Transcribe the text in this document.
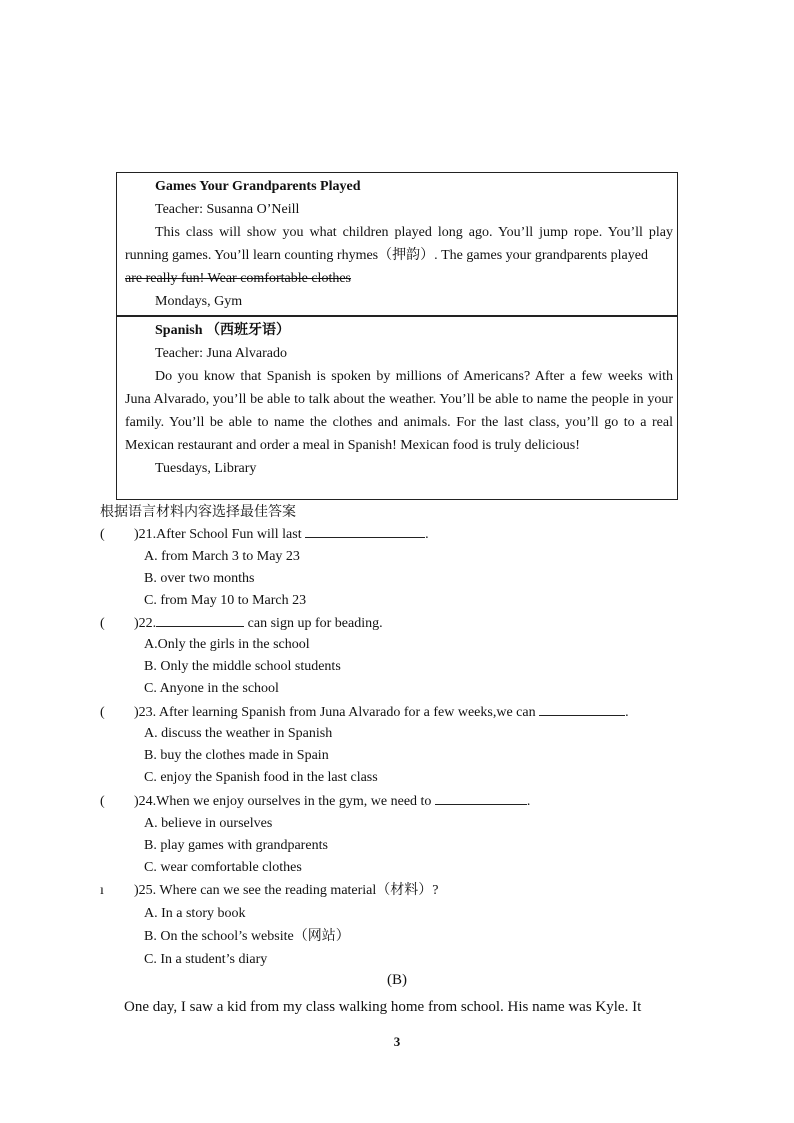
Games Your Grandparents Played
Teacher: Susanna O’Neill
This class will show you what children played long ago. You’ll jump rope. You’ll play running games. You’ll learn counting rhymes（押韵）. The games your grandparents played
are really fun! Wear comfortable clothes
Mondays, Gym
Spanish （西班牙语）
Teacher: Juna Alvarado
Do you know that Spanish is spoken by millions of Americans? After a few weeks with Juna Alvarado, you’ll be able to talk about the weather. You’ll be able to name the people in your family. You’ll be able to name the clothes and animals. For the last class, you’ll go to a real Mexican restaurant and order a meal in Spanish! Mexican food is truly delicious!
Tuesdays, Library
根据语言材料内容选择最佳答案
( )21.After School Fun will last	.
A. from March 3 to May 23
B. over two months
C. from May 10 to March 23
( )22.	can sign up for beading.
A.Only the girls in the school
B. Only the middle school students
C. Anyone in the school
( )23. After learning Spanish from Juna Alvarado for a few weeks,we can	.
A. discuss the weather in Spanish
B. buy the clothes made in Spain
C. enjoy the Spanish food in the last class
( )24.When we enjoy ourselves in the gym, we need to	.
A. believe in ourselves
B. play games with grandparents
C. wear comfortable clothes
ı )25. Where can we see the reading material（材料）?
A. In a story book
B. On the school’s website（网站）
C. In a student’s diary
(B)
One day, I saw a kid from my class walking home from school. His name was Kyle. It
3
